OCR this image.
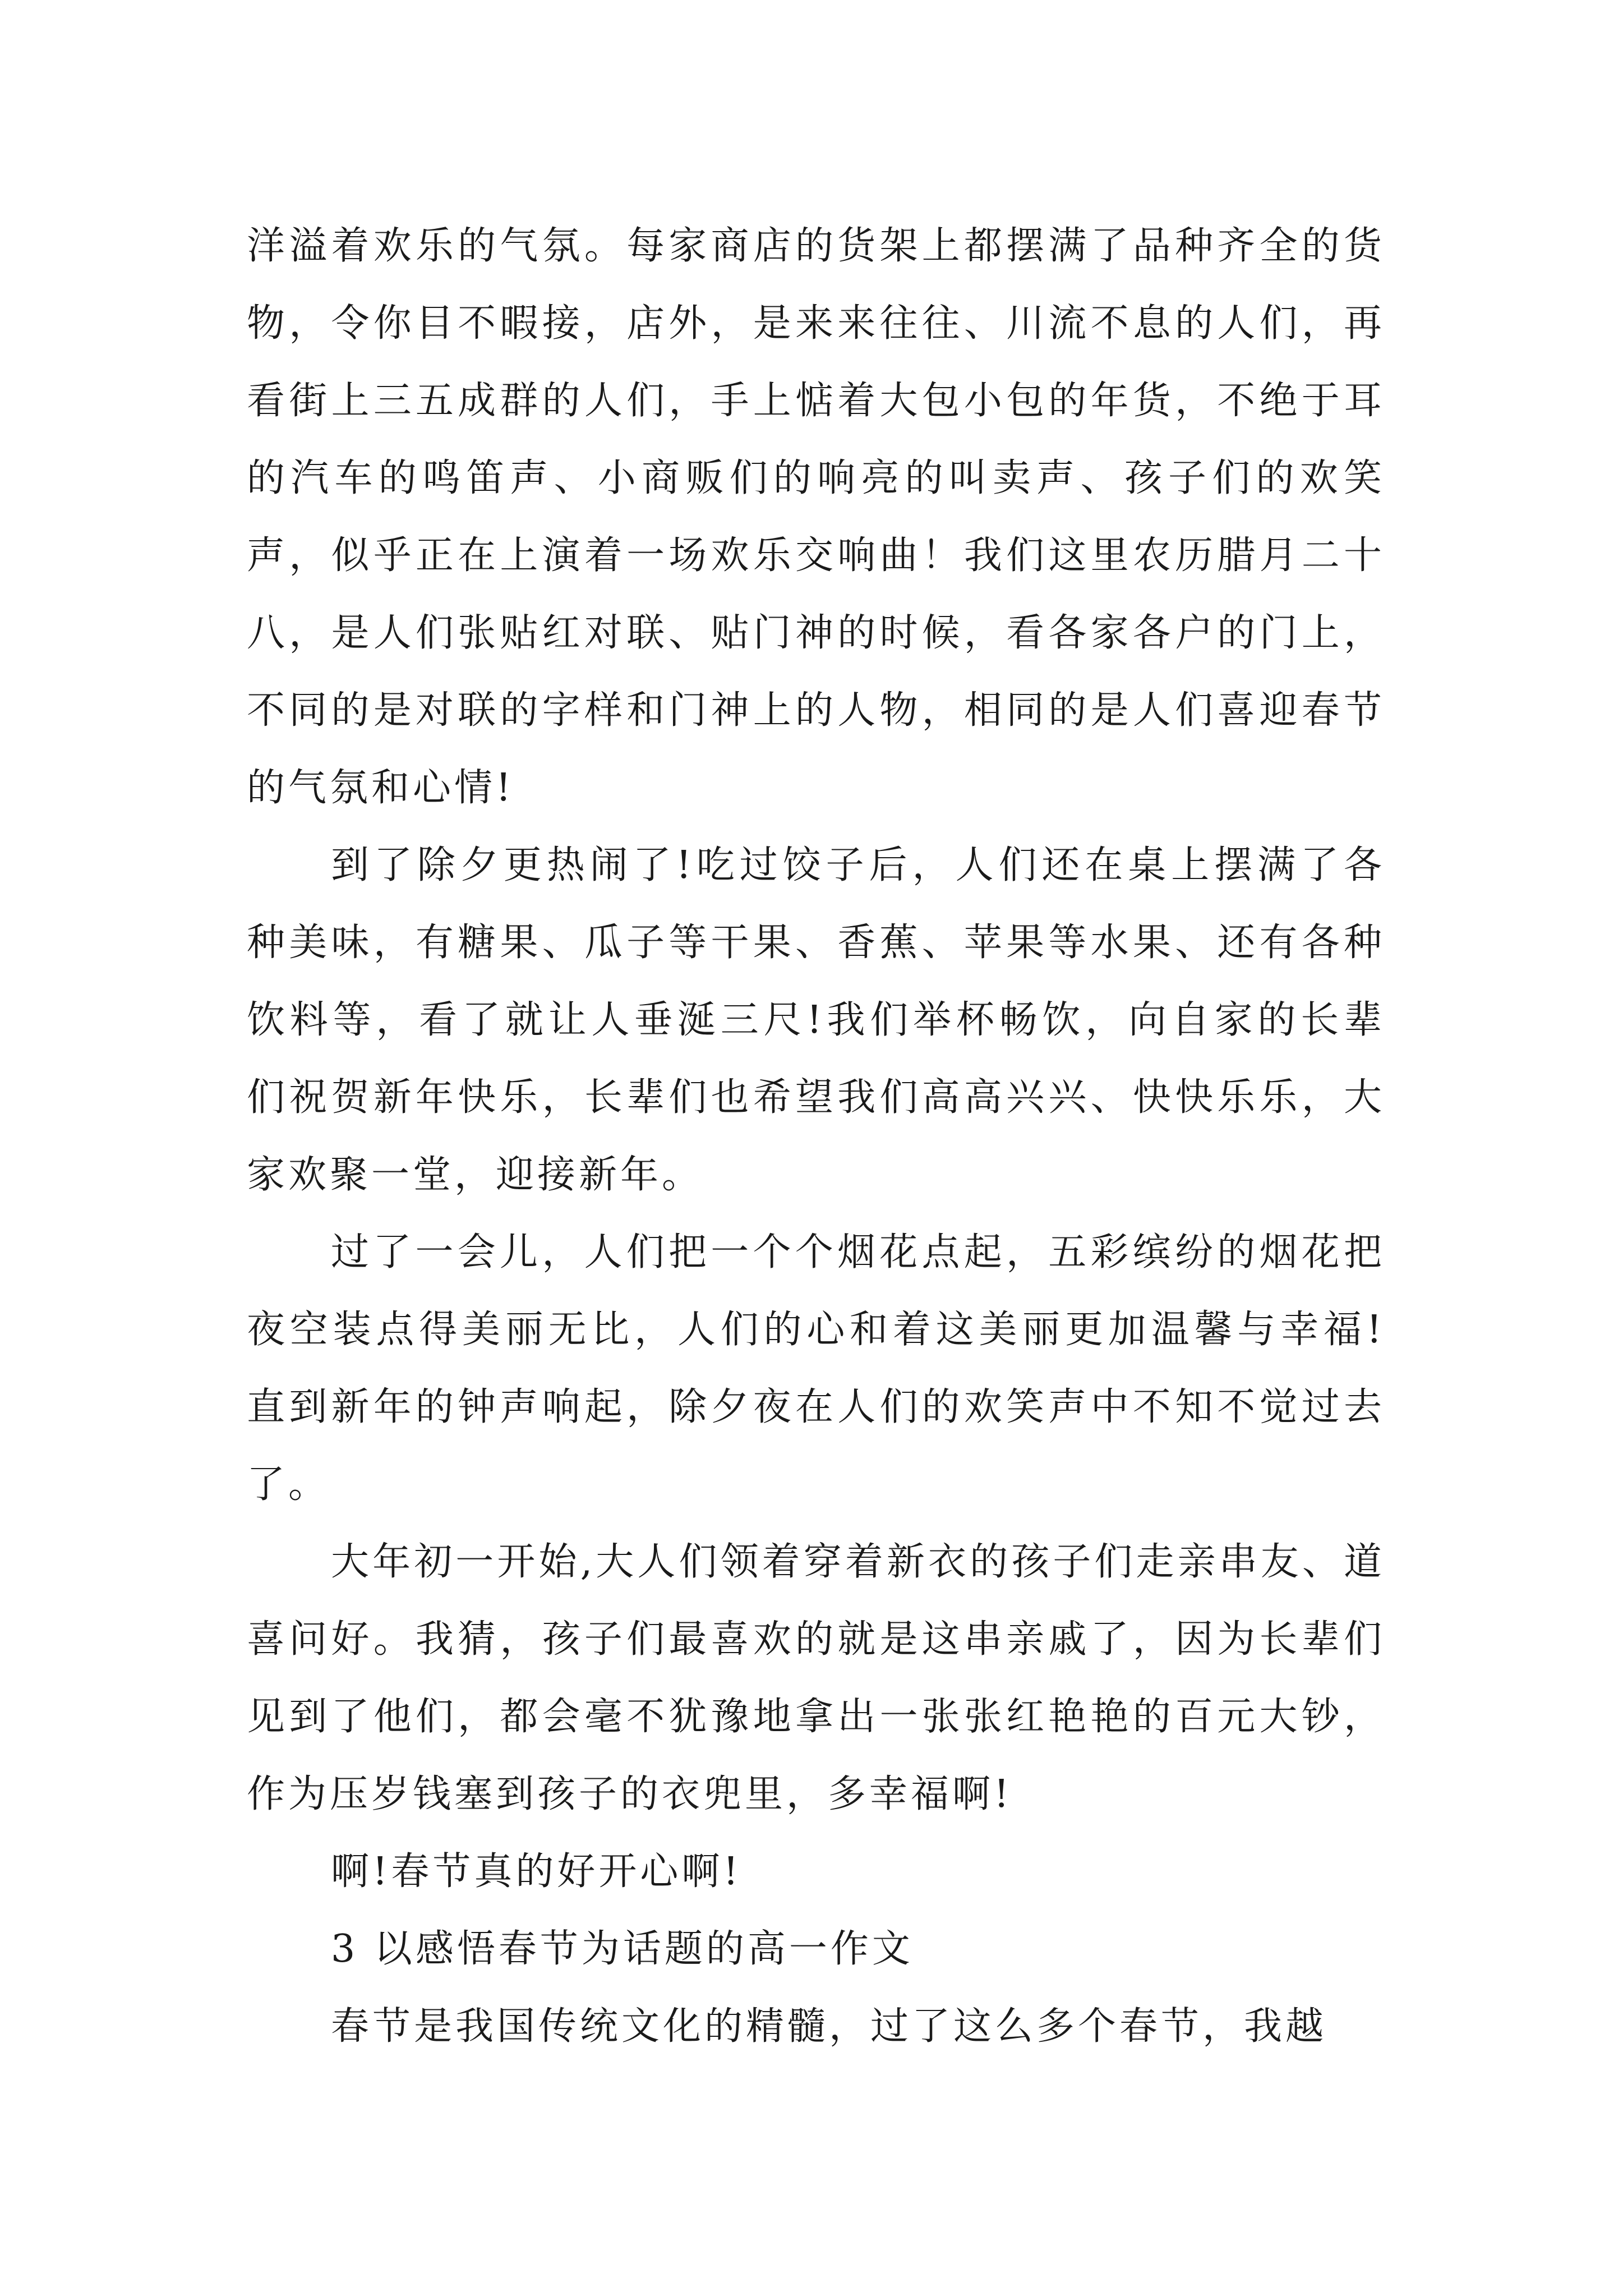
洋溢着欢乐的气氛。每家商店的货架上都摆满了品种齐全的货物，令你目不暇接，店外，是来来往往、川流不息的人们，再看街上三五成群的人们，手上惦着大包小包的年货，不绝于耳的汽车的鸣笛声、小商贩们的响亮的叫卖声、孩子们的欢笑声，似乎正在上演着一场欢乐交响曲！我们这里农历腊月二十八，是人们张贴红对联、贴门神的时候，看各家各户的门上，不同的是对联的字样和门神上的人物，相同的是人们喜迎春节的气氛和心情!

到了除夕更热闹了!吃过饺子后，人们还在桌上摆满了各种美味，有糖果、瓜子等干果、香蕉、苹果等水果、还有各种饮料等，看了就让人垂涎三尺!我们举杯畅饮，向自家的长辈们祝贺新年快乐，长辈们也希望我们高高兴兴、快快乐乐，大家欢聚一堂，迎接新年。

过了一会儿，人们把一个个烟花点起，五彩缤纷的烟花把夜空装点得美丽无比，人们的心和着这美丽更加温馨与幸福!直到新年的钟声响起，除夕夜在人们的欢笑声中不知不觉过去了。

大年初一开始,大人们领着穿着新衣的孩子们走亲串友、道喜问好。我猜，孩子们最喜欢的就是这串亲戚了，因为长辈们见到了他们，都会毫不犹豫地拿出一张张红艳艳的百元大钞，作为压岁钱塞到孩子的衣兜里，多幸福啊!

啊!春节真的好开心啊!

3 以感悟春节为话题的高一作文

春节是我国传统文化的精髓，过了这么多个春节，我越
